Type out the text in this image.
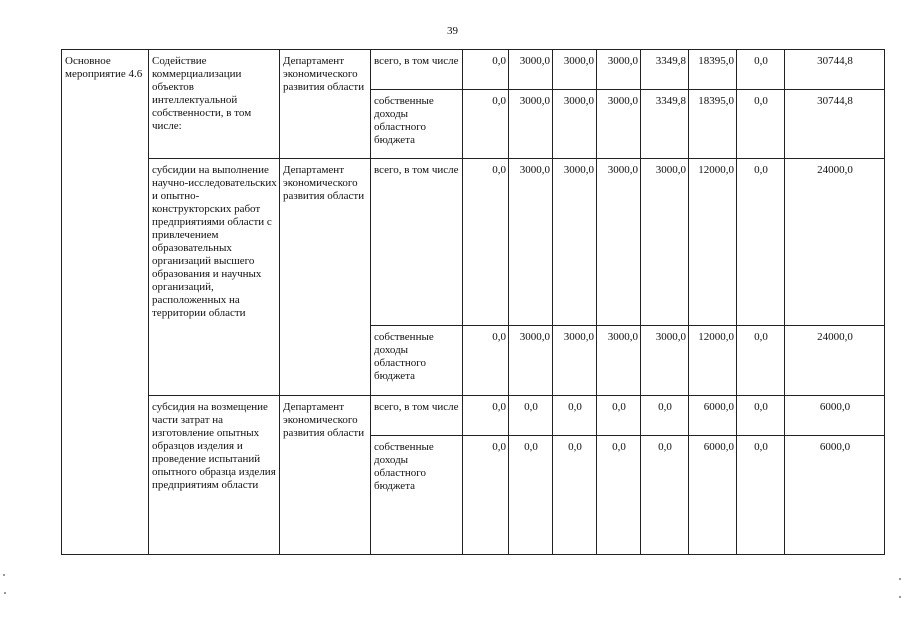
39
Основное мероприятие 4.6	Содействие коммерциализации объектов интеллектуальной собственности, в том числе:	Департамент экономического развития области	всего, в том числе	0,0	3000,0	3000,0	3000,0	3349,8	18395,0	0,0	30744,8
			собственные доходы областного бюджета	0,0	3000,0	3000,0	3000,0	3349,8	18395,0	0,0	30744,8
	субсидии на выполнение научно-исследовательских и опытно-конструкторских работ предприятиями области с привлечением образовательных организаций высшего образования и научных организаций, расположенных на территории области	Департамент экономического развития области	всего, в том числе	0,0	3000,0	3000,0	3000,0	3000,0	12000,0	0,0	24000,0
			собственные доходы областного бюджета	0,0	3000,0	3000,0	3000,0	3000,0	12000,0	0,0	24000,0
	субсидия на возмещение части затрат на изготовление опытных образцов изделия и проведение испытаний опытного образца изделия предприятиям области	Департамент экономического развития области	всего, в том числе	0,0	0,0	0,0	0,0	0,0	6000,0	0,0	6000,0
			собственные доходы областного бюджета	0,0	0,0	0,0	0,0	0,0	6000,0	0,0	6000,0
